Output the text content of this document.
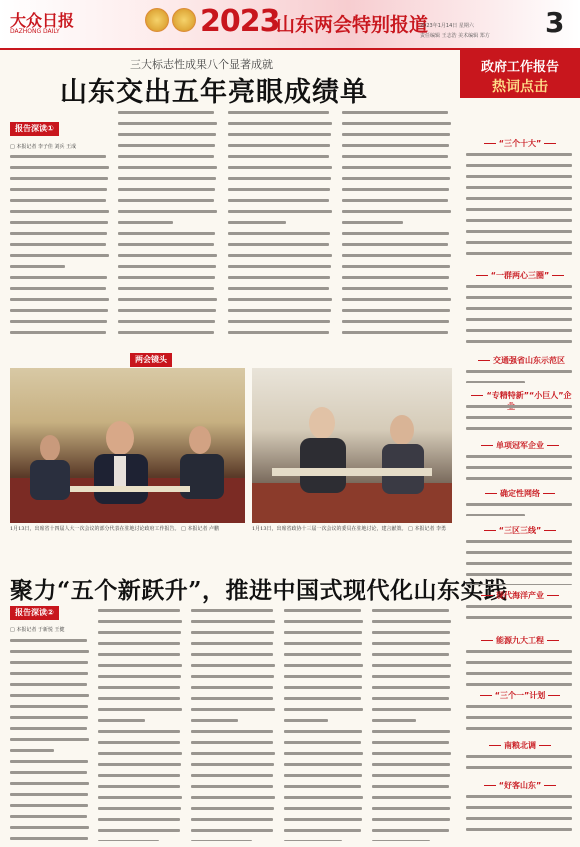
大众日报
DAZHONG DAILY	2023
山东两会特别报道
2023年1月14日 星期六
责任编辑 王志浩 美术编辑 郑方 3
三大标志性成果八个显著成就
山东交出五年亮眼成绩单
报告深读①
□ 本报记者 李子佳 刘兵 王成
两会镜头
1月13日，出席省十四届人大一次会议的部分代表在驻地讨论政府工作报告。 □ 本报记者 卢鹏	1月13日，出席省政协十三届一次会议的委员在驻地讨论，建言献策。 □ 本报记者 李勇
聚力“五个新跃升”，推进中国式现代化山东实践
报告深读②
□ 本报记者 于新悦 王健
政府工作报告
热词点击
“三个十大”
“一群两心三圈”
交通强省山东示范区
“专精特新”“小巨人”企
单项冠军企业
确定性网络
“三区三线”
现代海洋产业
能源九大工程
“三个一”计划
南粮北调
“好客山东”
